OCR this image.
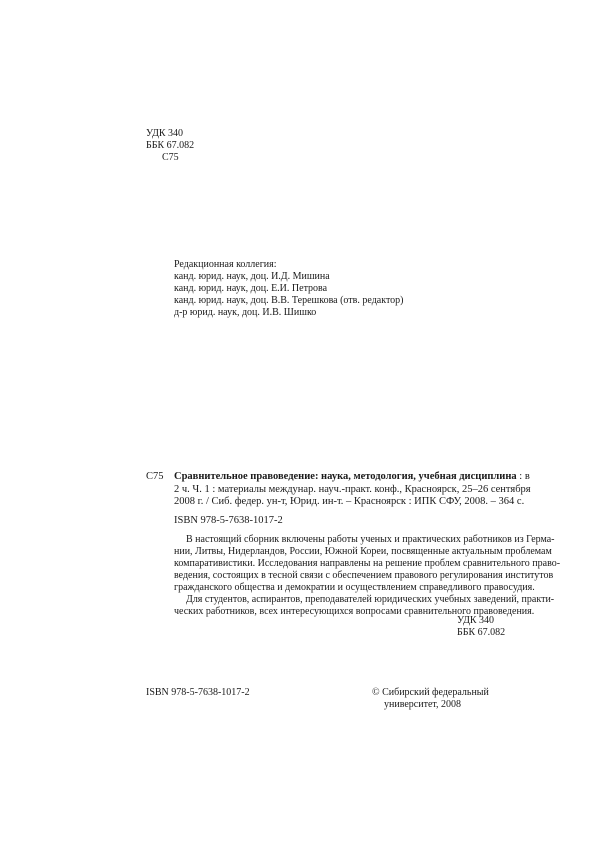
УДК 340
ББК 67.082
С75
Редакционная коллегия:
канд. юрид. наук, доц. И.Д. Мишина
канд. юрид. наук, доц. Е.И. Петрова
канд. юрид. наук, доц. В.В. Терешкова (отв. редактор)
д-р юрид. наук, доц. И.В. Шишко
С75 Сравнительное правоведение: наука, методология, учебная дисциплина : в
2 ч. Ч. 1 : материалы междунар. науч.-практ. конф., Красноярск, 25–26 сентября
2008 г. / Сиб. федер. ун-т, Юрид. ин-т. – Красноярск : ИПК СФУ, 2008. – 364 с.
ISBN 978-5-7638-1017-2

В настоящий сборник включены работы ученых и практических работников из Герма-
нии, Литвы, Нидерландов, России, Южной Кореи, посвященные актуальным проблемам
компаративистики. Исследования направлены на решение проблем сравнительного право-
ведения, состоящих в тесной связи с обеспечением правового регулирования институтов
гражданского общества и демократии и осуществлением справедливого правосудия.

Для студентов, аспирантов, преподавателей юридических учебных заведений, практи-
ческих работников, всех интересующихся вопросами сравнительного правоведения.

УДК 340
ББК 67.082
ISBN 978-5-7638-1017-2	© Сибирский федеральный
университет, 2008
